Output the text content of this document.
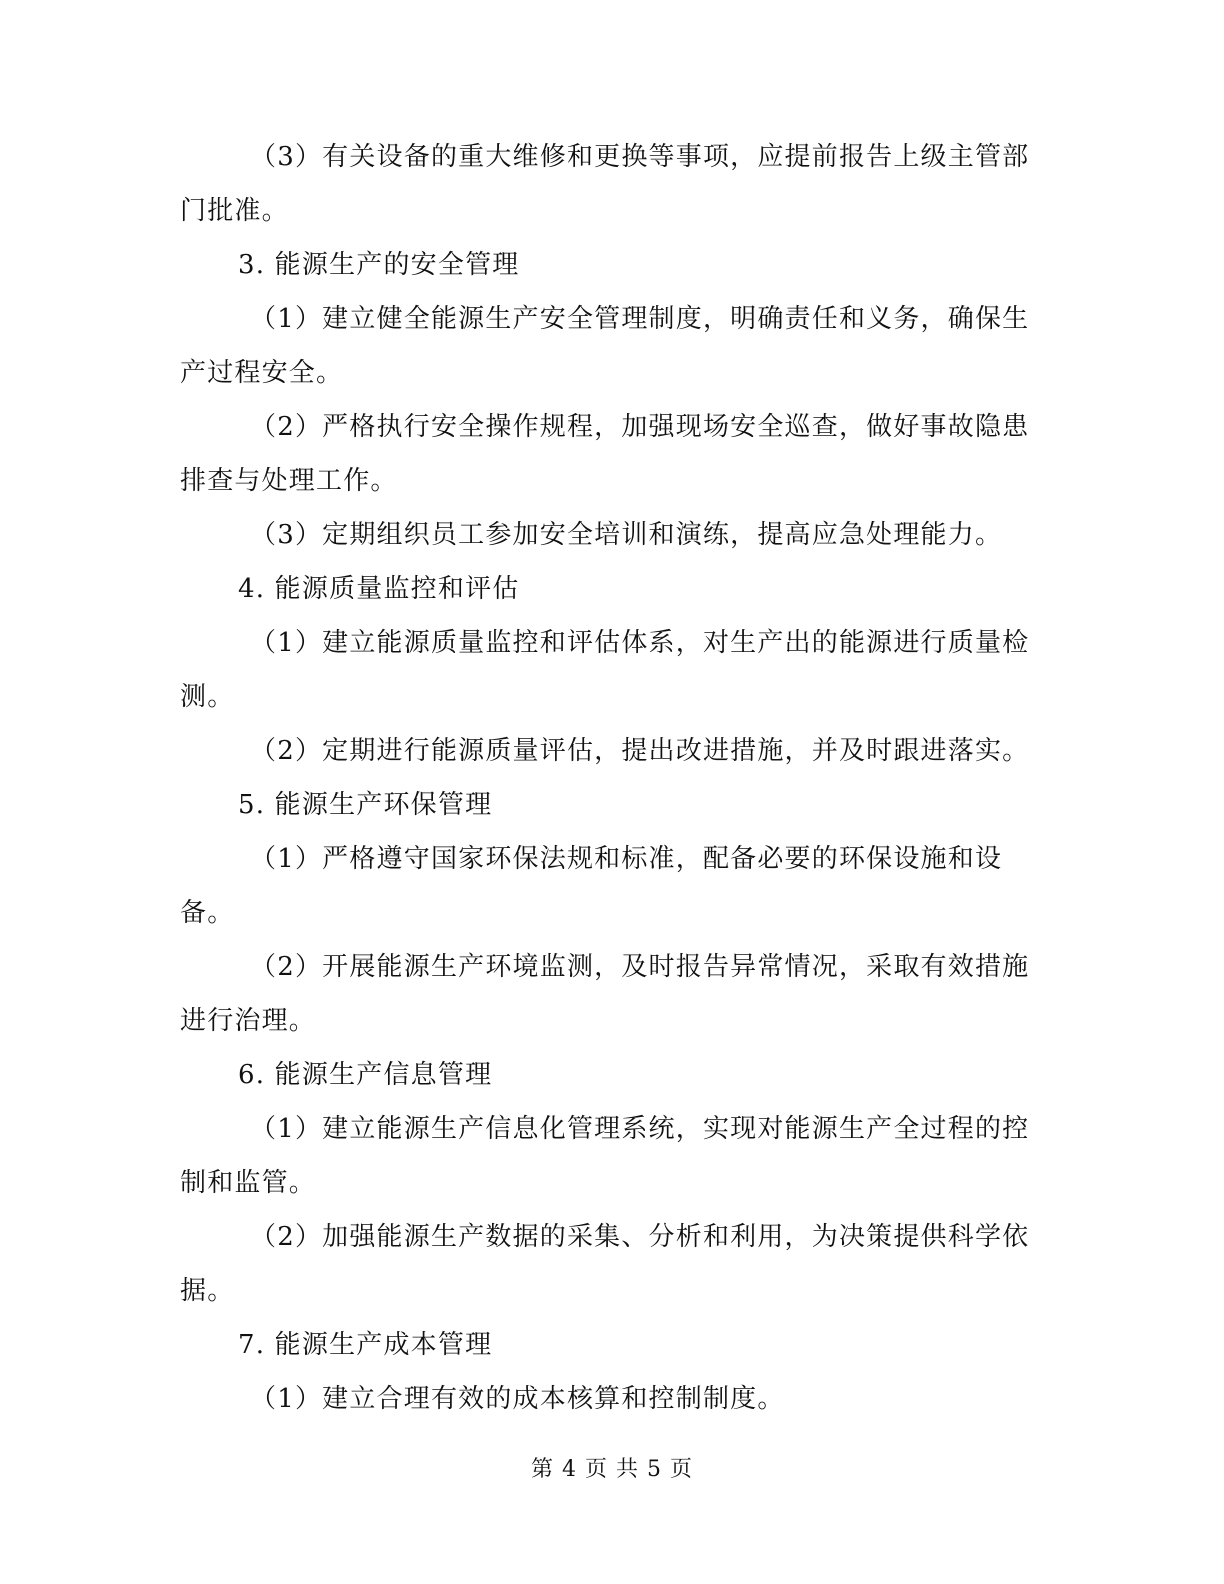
（3）有关设备的重大维修和更换等事项，应提前报告上级主管部门批准。

3. 能源生产的安全管理

（1）建立健全能源生产安全管理制度，明确责任和义务，确保生产过程安全。

（2）严格执行安全操作规程，加强现场安全巡查，做好事故隐患排查与处理工作。

（3）定期组织员工参加安全培训和演练，提高应急处理能力。

4. 能源质量监控和评估

（1）建立能源质量监控和评估体系，对生产出的能源进行质量检测。

（2）定期进行能源质量评估，提出改进措施，并及时跟进落实。

5. 能源生产环保管理

（1）严格遵守国家环保法规和标准，配备必要的环保设施和设备。

（2）开展能源生产环境监测，及时报告异常情况，采取有效措施进行治理。

6. 能源生产信息管理

（1）建立能源生产信息化管理系统，实现对能源生产全过程的控制和监管。

（2）加强能源生产数据的采集、分析和利用，为决策提供科学依据。

7. 能源生产成本管理

（1）建立合理有效的成本核算和控制制度。

第 4 页 共 5 页
